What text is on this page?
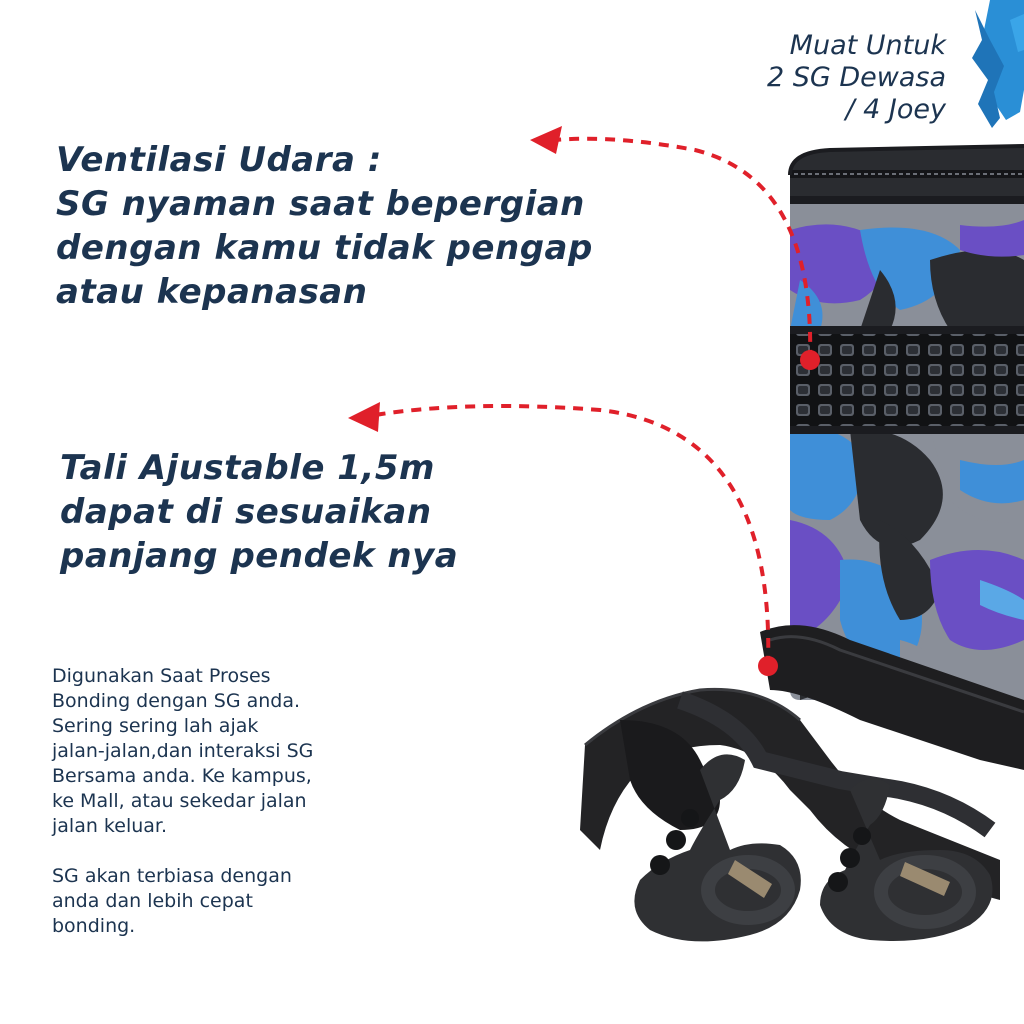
Muat Untuk
2 SG Dewasa
/ 4 Joey
Ventilasi Udara :
SG nyaman saat bepergian
dengan kamu tidak pengap
atau kepanasan
Tali Ajustable 1,5m
dapat di sesuaikan
panjang pendek nya

Digunakan Saat Proses
Bonding dengan SG anda.
Sering sering lah ajak
jalan-jalan,dan interaksi SG
Bersama anda. Ke kampus,
ke Mall, atau sekedar jalan
jalan keluar.

SG akan terbiasa dengan
anda dan lebih cepat
bonding.
